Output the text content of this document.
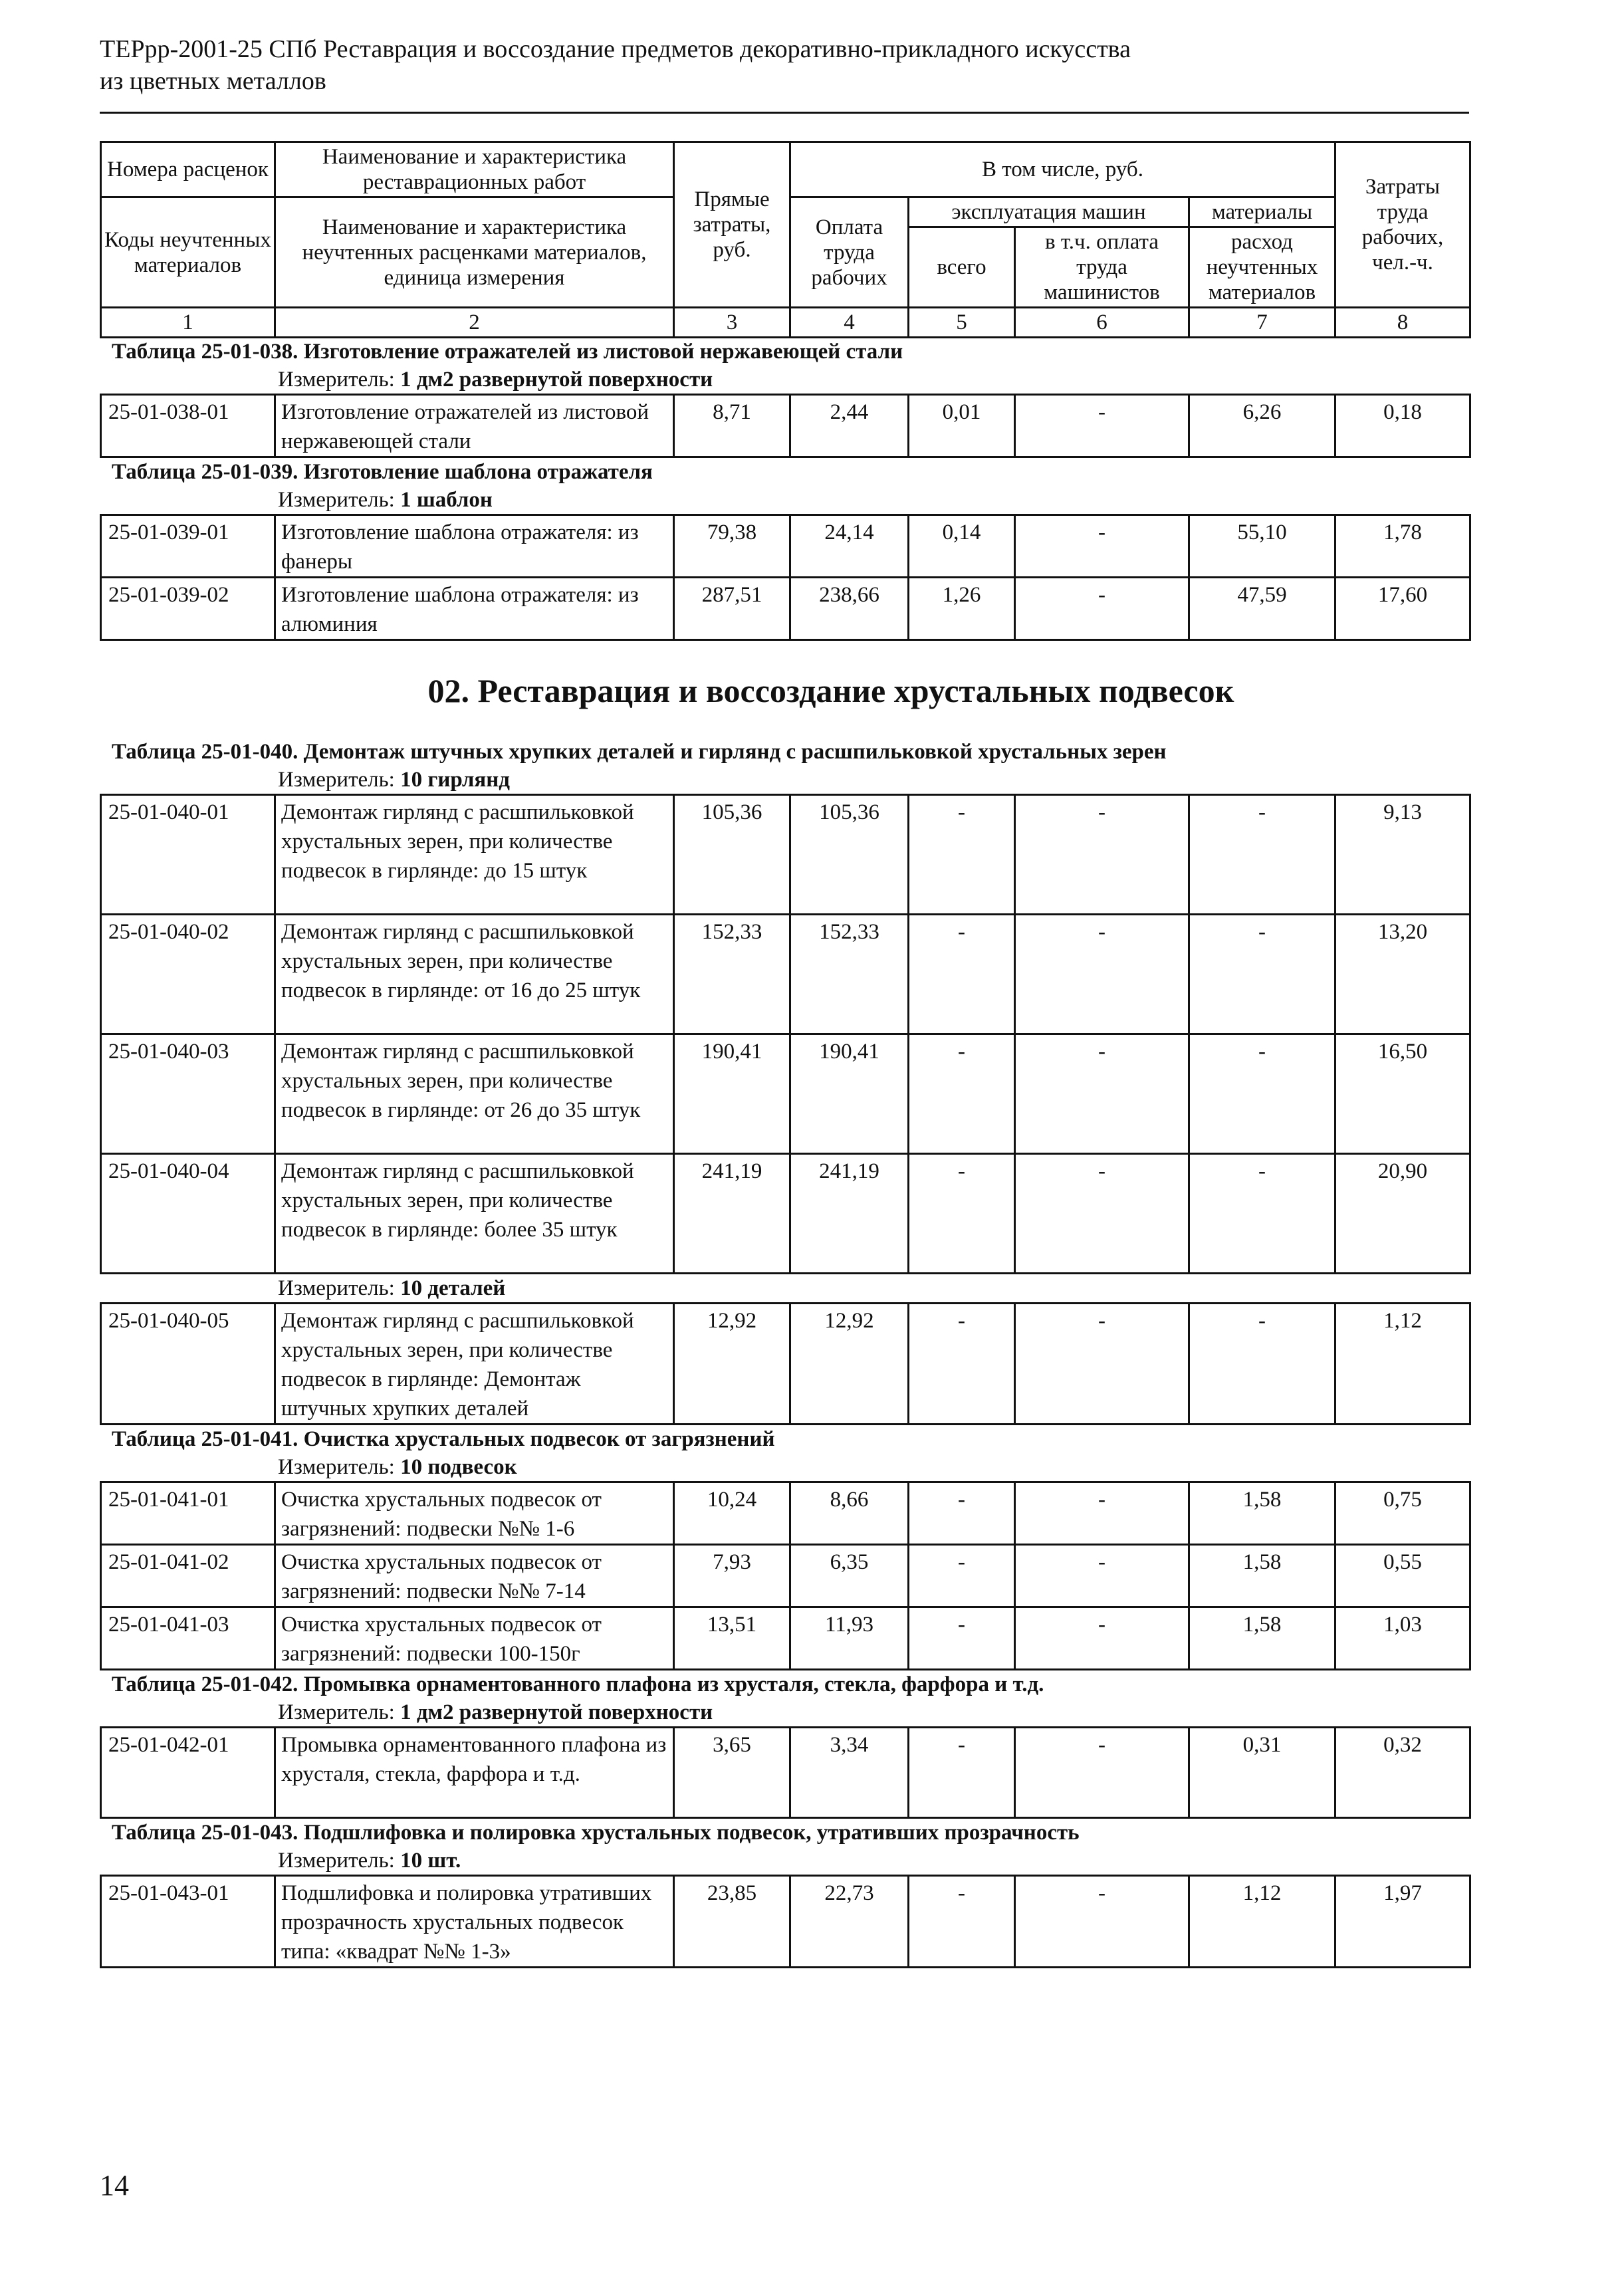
ТЕРрр-2001-25 СПб Реставрация и воссоздание предметов декоративно-прикладного искусства
из цветных металлов
Номера расценок	Наименование и характеристика реставрационных работ	Прямые затраты, руб.	В том числе, руб.				Затраты труда рабочих, чел.-ч.
Коды неучтенных материалов	Наименование и характеристика неучтенных расценками материалов, единица измерения		Оплата труда рабочих	эксплуатация машин		материалы	
				всего	в т.ч. оплата труда машинистов	расход неучтенных материалов	
1	2	3	4	5	6	7	8
Таблица 25-01-038. Изготовление отражателей из листовой нержавеющей стали
Измеритель: 1 дм2 развернутой поверхности
25-01-038-01	Изготовление отражателей из листовой нержавеющей стали	8,71	2,44	0,01	-	6,26	0,18
Таблица 25-01-039. Изготовление шаблона отражателя
Измеритель: 1 шаблон
25-01-039-01	Изготовление шаблона отражателя: из фанеры	79,38	24,14	0,14	-	55,10	1,78
25-01-039-02	Изготовление шаблона отражателя: из алюминия	287,51	238,66	1,26	-	47,59	17,60
02. Реставрация и воссоздание хрустальных подвесок
Таблица 25-01-040. Демонтаж штучных хрупких деталей и гирлянд с расшпильковкой хрустальных зерен
Измеритель: 10 гирлянд
25-01-040-01	Демонтаж гирлянд с расшпильковкой хрустальных зерен, при количестве подвесок в гирлянде: до 15 штук	105,36	105,36	-	-	-	9,13
25-01-040-02	Демонтаж гирлянд с расшпильковкой хрустальных зерен, при количестве подвесок в гирлянде: от 16 до 25 штук	152,33	152,33	-	-	-	13,20
25-01-040-03	Демонтаж гирлянд с расшпильковкой хрустальных зерен, при количестве подвесок в гирлянде: от 26 до 35 штук	190,41	190,41	-	-	-	16,50
25-01-040-04	Демонтаж гирлянд с расшпильковкой хрустальных зерен, при количестве подвесок в гирлянде: более 35 штук	241,19	241,19	-	-	-	20,90
Измеритель: 10 деталей
25-01-040-05	Демонтаж гирлянд с расшпильковкой хрустальных зерен, при количестве подвесок в гирлянде: Демонтаж штучных хрупких деталей	12,92	12,92	-	-	-	1,12
Таблица 25-01-041. Очистка хрустальных подвесок от загрязнений
Измеритель: 10 подвесок
25-01-041-01	Очистка хрустальных подвесок от загрязнений: подвески №№ 1-6	10,24	8,66	-	-	1,58	0,75
25-01-041-02	Очистка хрустальных подвесок от загрязнений: подвески №№ 7-14	7,93	6,35	-	-	1,58	0,55
25-01-041-03	Очистка хрустальных подвесок от загрязнений: подвески 100-150г	13,51	11,93	-	-	1,58	1,03
Таблица 25-01-042. Промывка орнаментованного плафона из хрусталя, стекла, фарфора и т.д.
Измеритель: 1 дм2 развернутой поверхности
25-01-042-01	Промывка орнаментованного плафона из хрусталя, стекла, фарфора и т.д.	3,65	3,34	-	-	0,31	0,32
Таблица 25-01-043. Подшлифовка и полировка хрустальных подвесок, утративших прозрачность
Измеритель: 10 шт.
25-01-043-01	Подшлифовка и полировка утративших прозрачность хрустальных подвесок типа: «квадрат №№ 1-3»	23,85	22,73	-	-	1,12	1,97
14
